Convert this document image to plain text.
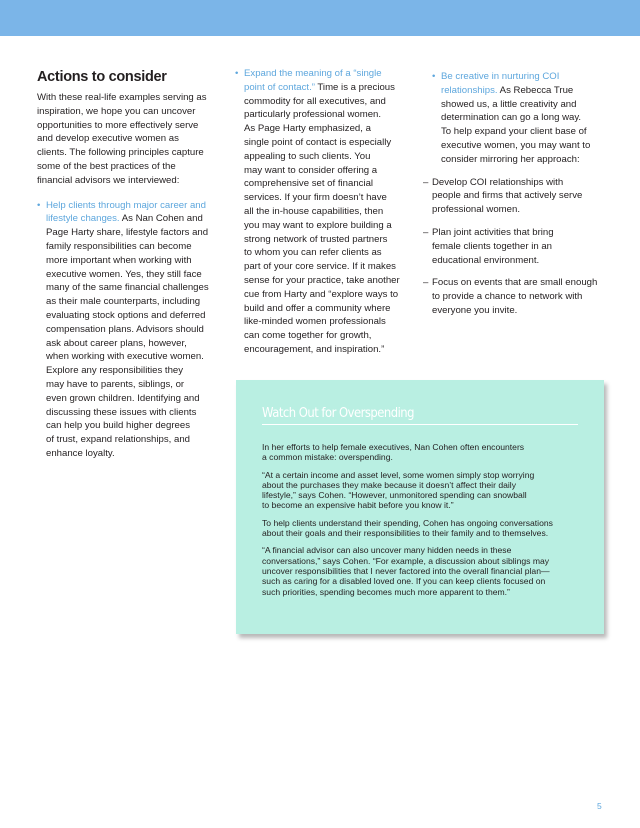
Actions to consider
With these real-life examples serving as
inspiration, we hope you can uncover
opportunities to more effectively serve
and develop executive women as
clients. The following principles capture
some of the best practices of the
financial advisors we interviewed:
• Help clients through major career and
lifestyle changes. As Nan Cohen and
Page Harty share, lifestyle factors and
family responsibilities can become
more important when working with
executive women. Yes, they still face
many of the same financial challenges
as their male counterparts, including
evaluating stock options and deferred
compensation plans. Advisors should
ask about career plans, however,
when working with executive women.
Explore any responsibilities they
may have to parents, siblings, or
even grown children. Identifying and
discussing these issues with clients
can help you build higher degrees
of trust, expand relationships, and
enhance loyalty.
• Expand the meaning of a “single
point of contact.” Time is a precious
commodity for all executives, and
particularly professional women.
As Page Harty emphasized, a
single point of contact is especially
appealing to such clients. You
may want to consider offering a
comprehensive set of financial
services. If your firm doesn’t have
all the in-house capabilities, then
you may want to explore building a
strong network of trusted partners
to whom you can refer clients as
part of your core service. If it makes
sense for your practice, take another
cue from Harty and “explore ways to
build and offer a community where
like-minded women professionals
can come together for growth,
encouragement, and inspiration.”
• Be creative in nurturing COI
relationships. As Rebecca True
showed us, a little creativity and
determination can go a long way.
To help expand your client base of
executive women, you may want to
consider mirroring her approach:
– Develop COI relationships with
people and firms that actively serve
professional women.
– Plan joint activities that bring
female clients together in an
educational environment.
– Focus on events that are small enough
to provide a chance to network with
everyone you invite.
Watch Out for Overspending

In her efforts to help female executives, Nan Cohen often encounters
a common mistake: overspending.

“At a certain income and asset level, some women simply stop worrying
about the purchases they make because it doesn’t affect their daily
lifestyle,” says Cohen. “However, unmonitored spending can snowball
to become an expensive habit before you know it.”

To help clients understand their spending, Cohen has ongoing conversations
about their goals and their responsibilities to their family and to themselves.

“A financial advisor can also uncover many hidden needs in these
conversations,” says Cohen. “For example, a discussion about siblings may
uncover responsibilities that I never factored into the overall financial plan—
such as caring for a disabled loved one. If you can keep clients focused on
such priorities, spending becomes much more apparent to them.”

5
